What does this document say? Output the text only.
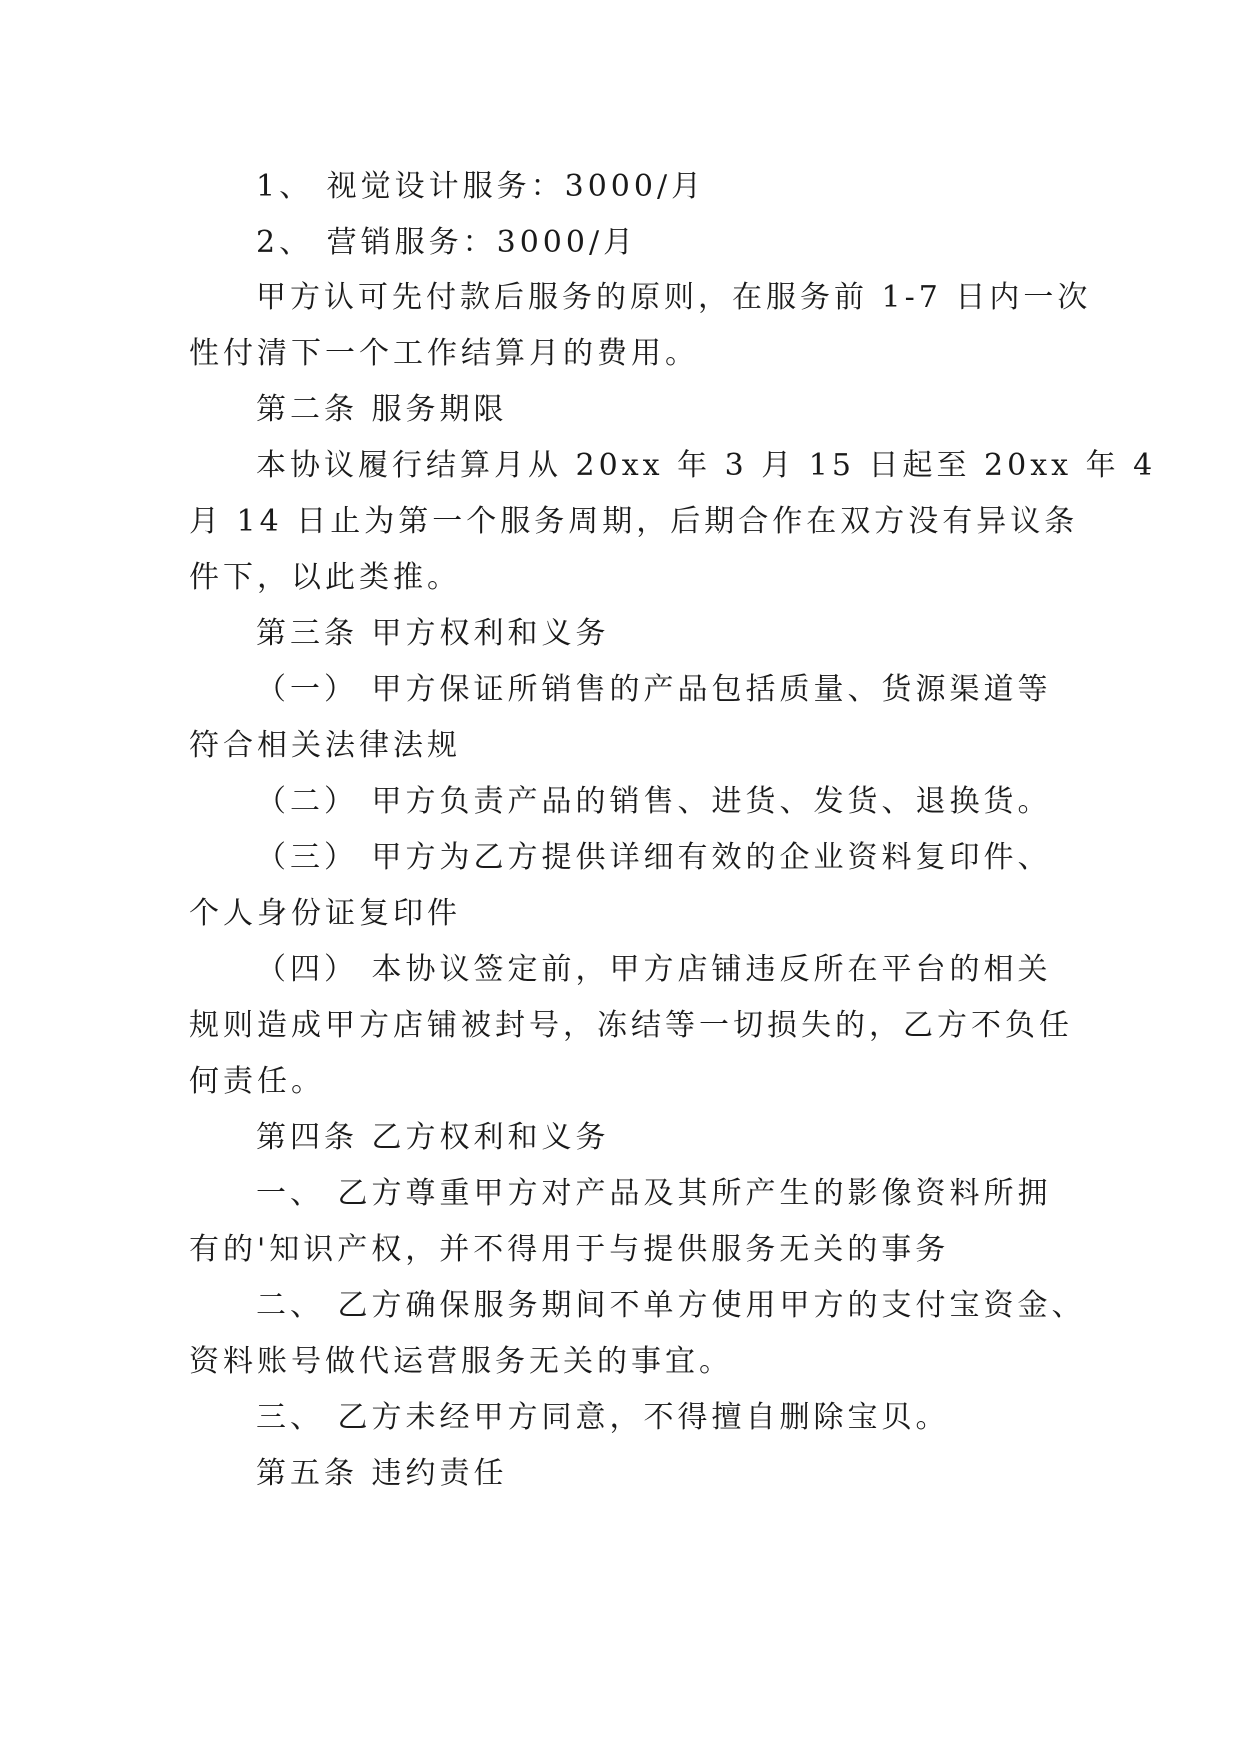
1、 视觉设计服务：3000/月
2、 营销服务：3000/月
甲方认可先付款后服务的原则，在服务前 1-7 日内一次
性付清下一个工作结算月的费用。
第二条 服务期限
本协议履行结算月从 20xx 年 3 月 15 日起至 20xx 年 4
月 14 日止为第一个服务周期，后期合作在双方没有异议条
件下，以此类推。
第三条 甲方权利和义务
（一） 甲方保证所销售的产品包括质量、货源渠道等
符合相关法律法规
（二） 甲方负责产品的销售、进货、发货、退换货。
（三） 甲方为乙方提供详细有效的企业资料复印件、
个人身份证复印件
（四） 本协议签定前，甲方店铺违反所在平台的相关
规则造成甲方店铺被封号，冻结等一切损失的，乙方不负任
何责任。
第四条 乙方权利和义务
一、 乙方尊重甲方对产品及其所产生的影像资料所拥
有的'知识产权，并不得用于与提供服务无关的事务
二、 乙方确保服务期间不单方使用甲方的支付宝资金、
资料账号做代运营服务无关的事宜。
三、 乙方未经甲方同意，不得擅自删除宝贝。
第五条 违约责任
